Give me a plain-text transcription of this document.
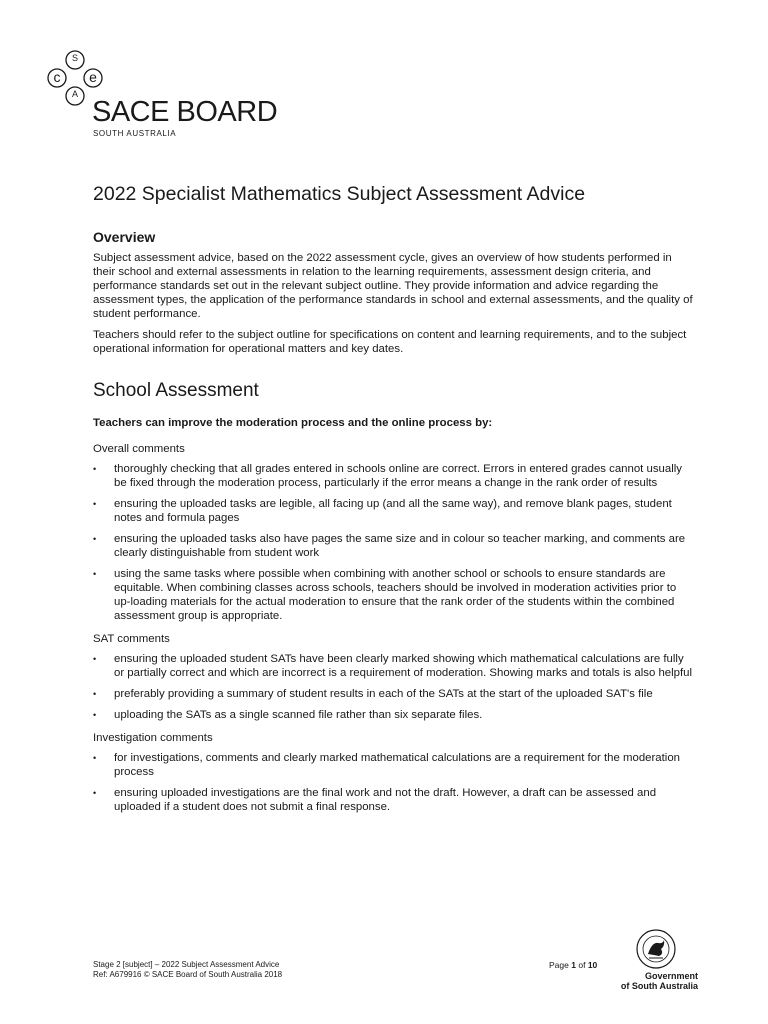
S
c	e
A
SACE BOARD
SOUTH AUSTRALIA
2022 Specialist Mathematics Subject Assessment Advice
Overview

Subject assessment advice, based on the 2022 assessment cycle, gives an overview of how students performed in their school and external assessments in relation to the learning requirements, assessment design criteria, and performance standards set out in the relevant subject outline. They provide information and advice regarding the assessment types, the application of the performance standards in school and external assessments, and the quality of student performance.

Teachers should refer to the subject outline for specifications on content and learning requirements, and to the subject operational information for operational matters and key dates.

School Assessment

Teachers can improve the moderation process and the online process by:

Overall comments
• thoroughly checking that all grades entered in schools online are correct. Errors in entered grades cannot usually be fixed through the moderation process, particularly if the error means a change in the rank order of results
• ensuring the uploaded tasks are legible, all facing up (and all the same way), and remove blank pages, student notes and formula pages
• ensuring the uploaded tasks also have pages the same size and in colour so teacher marking, and comments are clearly distinguishable from student work
• using the same tasks where possible when combining with another school or schools to ensure standards are equitable. When combining classes across schools, teachers should be involved in moderation activities prior to up-loading materials for the actual moderation to ensure that the rank order of the students within the combined assessment group is appropriate.
SAT comments
• ensuring the uploaded student SATs have been clearly marked showing which mathematical calculations are fully or partially correct and which are incorrect is a requirement of moderation. Showing marks and totals is also helpful
• preferably providing a summary of student results in each of the SATs at the start of the uploaded SAT's file
• uploading the SATs as a single scanned file rather than six separate files.
Investigation comments
• for investigations, comments and clearly marked mathematical calculations are a requirement for the moderation process
• ensuring uploaded investigations are the final work and not the draft. However, a draft can be assessed and uploaded if a student does not submit a final response.
Stage 2 [subject] – 2022 Subject Assessment Advice
Ref: A679916 © SACE Board of South Australia 2018
Page 1 of 10
Government
of South Australia
